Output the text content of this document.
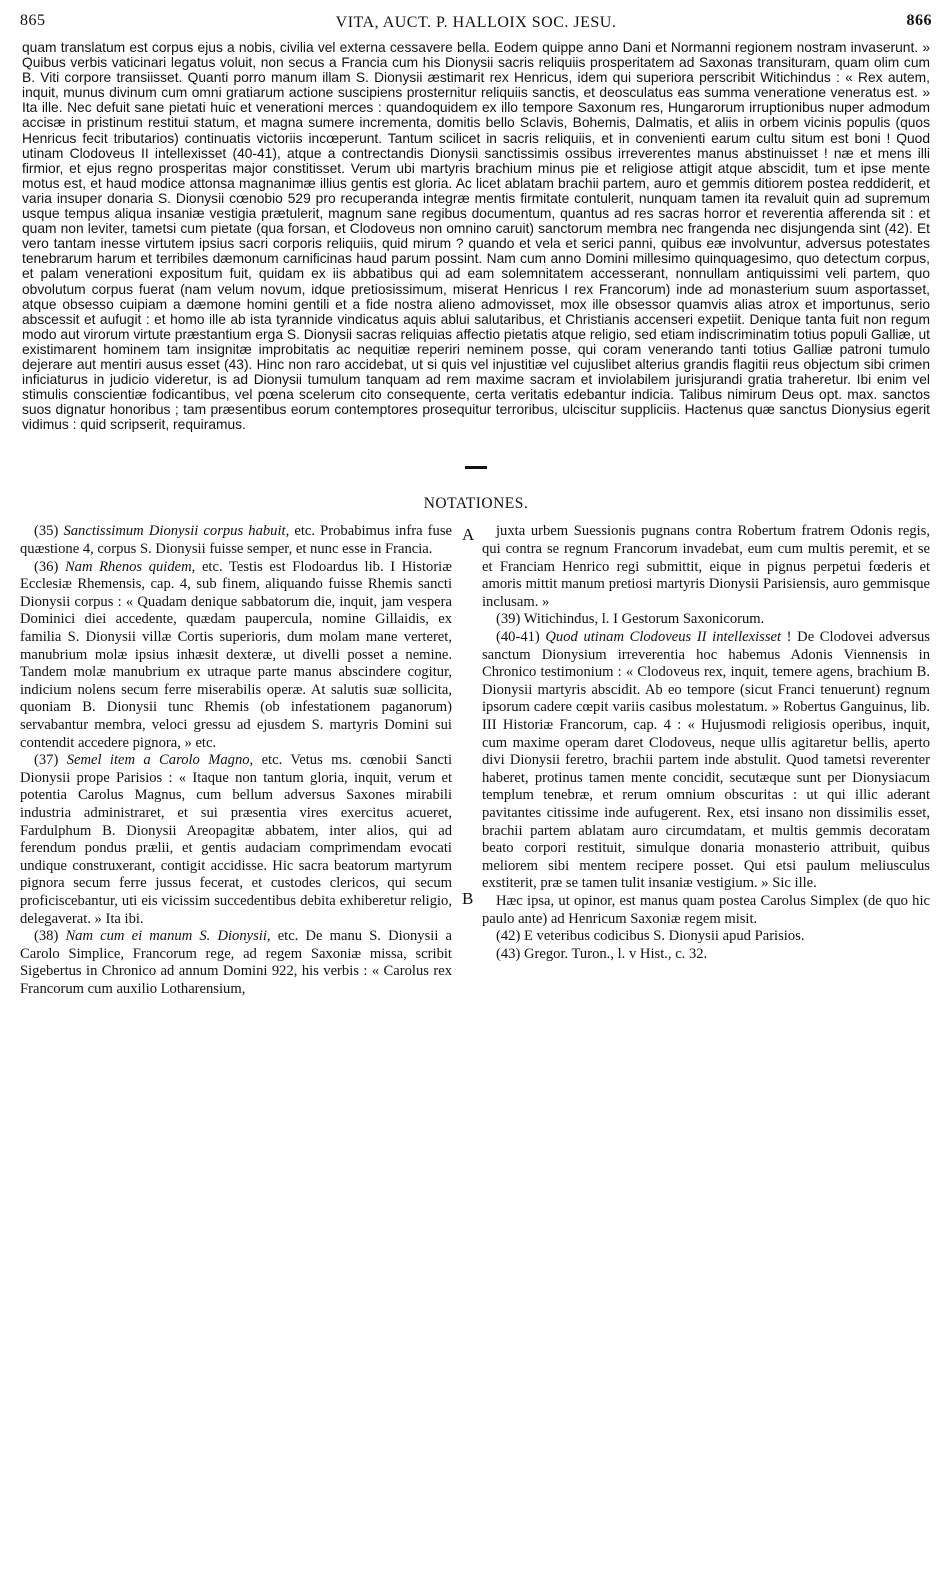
865	VITA, AUCT. P. HALLOIX SOC. JESU.	866

quam translatum est corpus ejus a nobis, civilia vel externa cessavere bella. Eodem quippe anno Dani et Normanni regionem nostram invaserunt. » Quibus verbis vaticinari legatus voluit, non secus a Francia cum his Dionysii sacris reliquiis prosperitatem ad Saxonas transituram, quam olim cum B. Viti corpore transiisset. Quanti porro manum illam S. Dionysii æstimarit rex Henricus, idem qui superiora perscribit Witichindus : « Rex autem, inquit, munus divinum cum omni gratiarum actione suscipiens prosternitur reliquiis sanctis, et deosculatus eas summa veneratione veneratus est. » Ita ille. Nec defuit sane pietati huic et venerationi merces : quandoquidem ex illo tempore Saxonum res, Hungarorum irruptionibus nuper admodum accisæ in pristinum restitui statum, et magna sumere incrementa, domitis bello Sclavis, Bohemis, Dalmatis, et aliis in orbem vicinis populis (quos Henricus fecit tributarios) continuatis victoriis incœperunt. Tantum scilicet in sacris reliquiis, et in convenienti earum cultu situm est boni ! Quod utinam Clodoveus II intellexisset (40-41), atque a contrectandis Dionysii sanctissimis ossibus irreverentes manus abstinuisset ! næ et mens illi firmior, et ejus regno prosperitas major constitisset. Verum ubi martyris brachium minus pie et religiose attigit atque abscidit, tum et ipse mente motus est, et haud modice attonsa magnanimæ illius gentis est gloria. Ac licet ablatam brachii partem, auro et gemmis ditiorem postea reddiderit, et varia insuper donaria S. Dionysii cœnobio 529 pro recuperanda integræ mentis firmitate contulerit, nunquam tamen ita revaluit quin ad supremum usque tempus aliqua insaniæ vestigia prætulerit, magnum sane regibus documentum, quantus ad res sacras horror et reverentia afferenda sit : et quam non leviter, tametsi cum pietate (qua forsan, et Clodoveus non omnino caruit) sanctorum membra nec frangenda nec disjungenda sint (42). Et vero tantam inesse virtutem ipsius sacri corporis reliquiis, quid mirum ? quando et vela et serici panni, quibus eæ involvuntur, adversus potestates tenebrarum harum et terribiles dæmonum carnificinas haud parum possint. Nam cum anno Domini millesimo quinquagesimo, quo detectum corpus, et palam venerationi expositum fuit, quidam ex iis abbatibus qui ad eam solemnitatem accesserant, nonnullam antiquissimi veli partem, quo obvolutum corpus fuerat (nam velum novum, idque pretiosissimum, miserat Henricus I rex Francorum) inde ad monasterium suum asportasset, atque obsesso cuipiam a dæmone homini gentili et a fide nostra alieno admovisset, mox ille obsessor quamvis alias atrox et importunus, serio abscessit et aufugit : et homo ille ab ista tyrannide vindicatus aquis ablui salutaribus, et Christianis accenseri expetiit. Denique tanta fuit non regum modo aut virorum virtute præstantium erga S. Dionysii sacras reliquias affectio pietatis atque religio, sed etiam indiscriminatim totius populi Galliæ, ut existimarent hominem tam insignitæ improbitatis ac nequitiæ reperiri neminem posse, qui coram venerando tanti totius Galliæ patroni tumulo dejerare aut mentiri ausus esset (43). Hinc non raro accidebat, ut si quis vel injustitiæ vel cujuslibet alterius grandis flagitii reus objectum sibi crimen inficiaturus in judicio videretur, is ad Dionysii tumulum tanquam ad rem maxime sacram et inviolabilem jurisjurandi gratia traheretur. Ibi enim vel stimulis conscientiæ fodicantibus, vel pœna scelerum cito consequente, certa veritatis edebantur indicia. Talibus nimirum Deus opt. max. sanctos suos dignatur honoribus ; tam præsentibus eorum contemptores prosequitur terroribus, ulciscitur suppliciis. Hactenus quæ sanctus Dionysius egerit vidimus : quid scripserit, requiramus.

NOTATIONES.

(35) Sanctissimum Dionysii corpus habuit, etc. Probabimus infra fuse quæstione 4, corpus S. Dionysii fuisse semper, et nunc esse in Francia.

(36) Nam Rhenos quidem, etc. Testis est Flodoardus lib. I Historiæ Ecclesiæ Rhemensis, cap. 4, sub finem, aliquando fuisse Rhemis sancti Dionysii corpus : « Quadam denique sabbatorum die, inquit, jam vespera Dominici diei accedente, quædam paupercula, nomine Gillaidis, ex familia S. Dionysii villæ Cortis superioris, dum molam mane verteret, manubrium molæ ipsius inhæsit dexteræ, ut divelli posset a nemine. Tandem molæ manubrium ex utraque parte manus abscindere cogitur, indicium nolens secum ferre miserabilis operæ. At salutis suæ sollicita, quoniam B. Dionysii tunc Rhemis (ob infestationem paganorum) servabantur membra, veloci gressu ad ejusdem S. martyris Domini sui contendit accedere pignora, » etc.

(37) Semel item a Carolo Magno, etc. Vetus ms. cœnobii Sancti Dionysii prope Parisios : « Itaque non tantum gloria, inquit, verum et potentia Carolus Magnus, cum bellum adversus Saxones mirabili industria administraret, et sui præsentia vires exercitus acueret, Fardulphum B. Dionysii Areopagitæ abbatem, inter alios, qui ad ferendum pondus prælii, et gentis audaciam comprimendam evocati undique construxerant, contigit accidisse. Hic sacra beatorum martyrum pignora secum ferre jussus fecerat, et custodes clericos, qui secum proficiscebantur, uti eis vicissim succedentibus debita exhiberetur religio, delegaverat. » Ita ibi.

(38) Nam cum ei manum S. Dionysii, etc. De manu S. Dionysii a Carolo Simplice, Francorum rege, ad regem Saxoniæ missa, scribit Sigebertus in Chronico ad annum Domini 922, his verbis : « Carolus rex Francorum cum auxilio Lotharensium,

A
B

juxta urbem Suessionis pugnans contra Robertum fratrem Odonis regis, qui contra se regnum Francorum invadebat, eum cum multis peremit, et se et Franciam Henrico regi submittit, eique in pignus perpetui fœderis et amoris mittit manum pretiosi martyris Dionysii Parisiensis, auro gemmisque inclusam. »

(39) Witichindus, l. I Gestorum Saxonicorum.

(40-41) Quod utinam Clodoveus II intellexisset ! De Clodovei adversus sanctum Dionysium irreverentia hoc habemus Adonis Viennensis in Chronico testimonium : « Clodoveus rex, inquit, temere agens, brachium B. Dionysii martyris abscidit. Ab eo tempore (sicut Franci tenuerunt) regnum ipsorum cadere cœpit variis casibus molestatum. » Robertus Ganguinus, lib. III Historiæ Francorum, cap. 4 : « Hujusmodi religiosis operibus, inquit, cum maxime operam daret Clodoveus, neque ullis agitaretur bellis, aperto divi Dionysii feretro, brachii partem inde abstulit. Quod tametsi reverenter haberet, protinus tamen mente concidit, secutæque sunt per Dionysiacum templum tenebræ, et rerum omnium obscuritas : ut qui illic aderant pavitantes citissime inde aufugerent. Rex, etsi insano non dissimilis esset, brachii partem ablatam auro circumdatam, et multis gemmis decoratam beato corpori restituit, simulque donaria monasterio attribuit, quibus meliorem sibi mentem recipere posset. Qui etsi paulum meliusculus exstiterit, præ se tamen tulit insaniæ vestigium. » Sic ille.

Hæc ipsa, ut opinor, est manus quam postea Carolus Simplex (de quo hic paulo ante) ad Henricum Saxoniæ regem misit.

(42) E veteribus codicibus S. Dionysii apud Parisios.

(43) Gregor. Turon., l. v Hist., c. 32.
